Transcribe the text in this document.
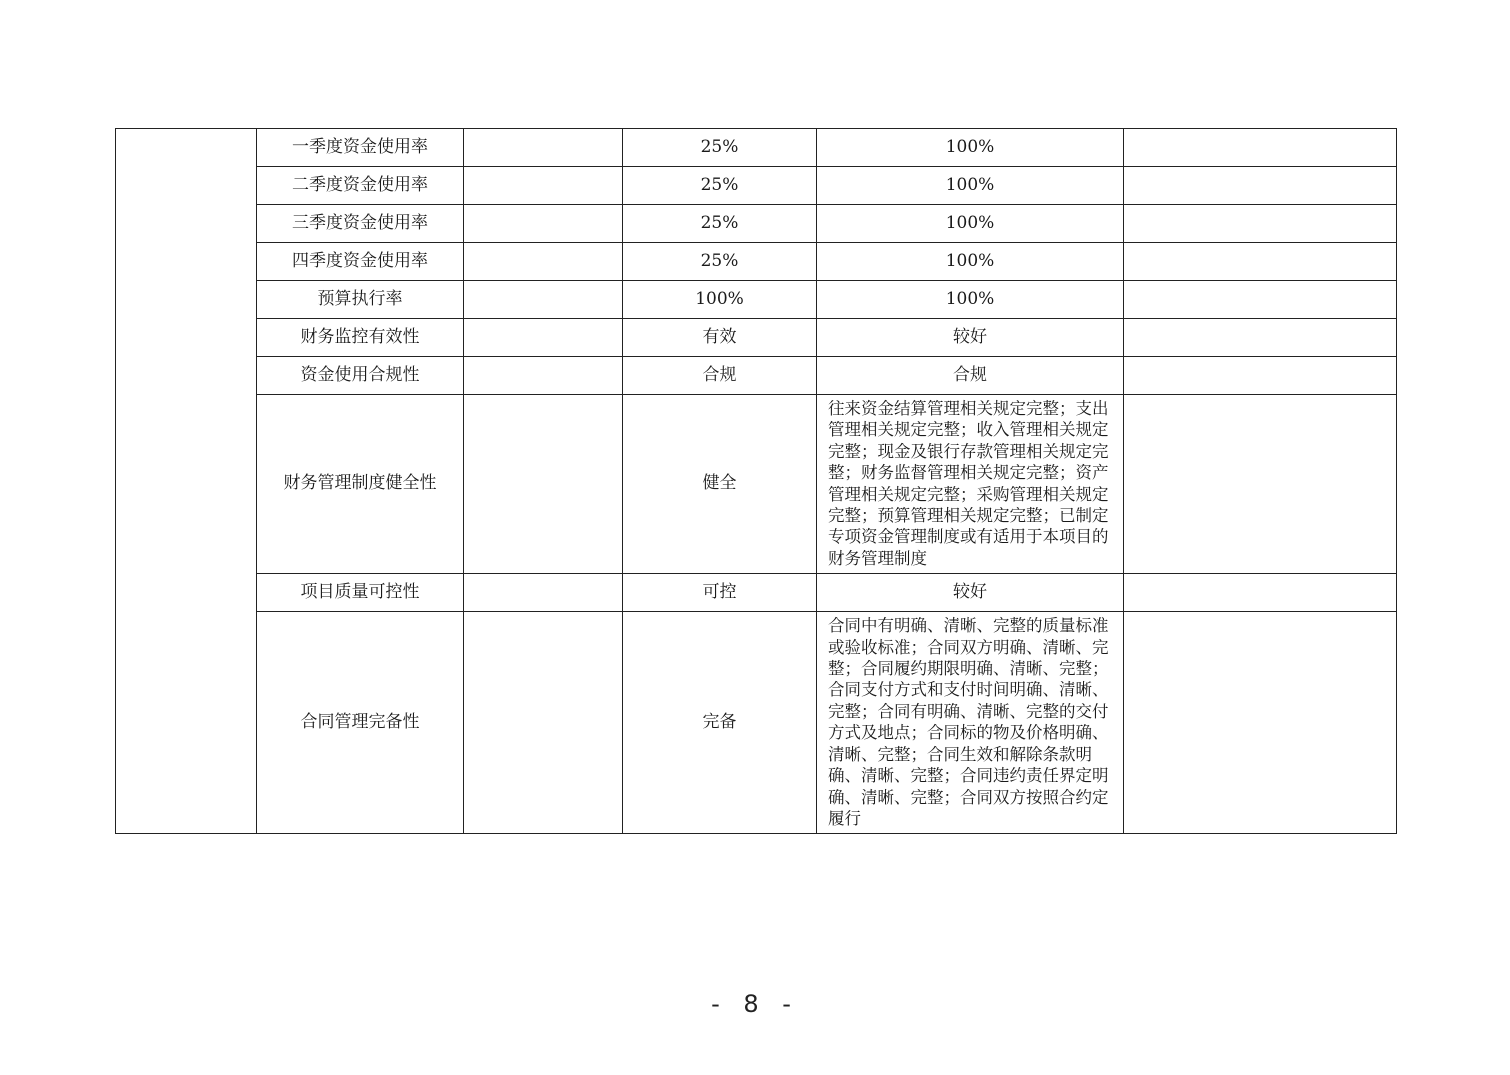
	一季度资金使用率		25%	100%	
	二季度资金使用率		25%	100%	
	三季度资金使用率		25%	100%	
	四季度资金使用率		25%	100%	
	预算执行率		100%	100%	
	财务监控有效性		有效	较好	
	资金使用合规性		合规	合规	
	财务管理制度健全性		健全	往来资金结算管理相关规定完整；支出管理相关规定完整；收入管理相关规定完整；现金及银行存款管理相关规定完整；财务监督管理相关规定完整；资产管理相关规定完整；采购管理相关规定完整；预算管理相关规定完整；已制定专项资金管理制度或有适用于本项目的财务管理制度	
	项目质量可控性		可控	较好	
	合同管理完备性		完备	合同中有明确、清晰、完整的质量标准或验收标准；合同双方明确、清晰、完整；合同履约期限明确、清晰、完整；合同支付方式和支付时间明确、清晰、完整；合同有明确、清晰、完整的交付方式及地点；合同标的物及价格明确、清晰、完整；合同生效和解除条款明确、清晰、完整；合同违约责任界定明确、清晰、完整；合同双方按照合约定履行	
- 8 -
